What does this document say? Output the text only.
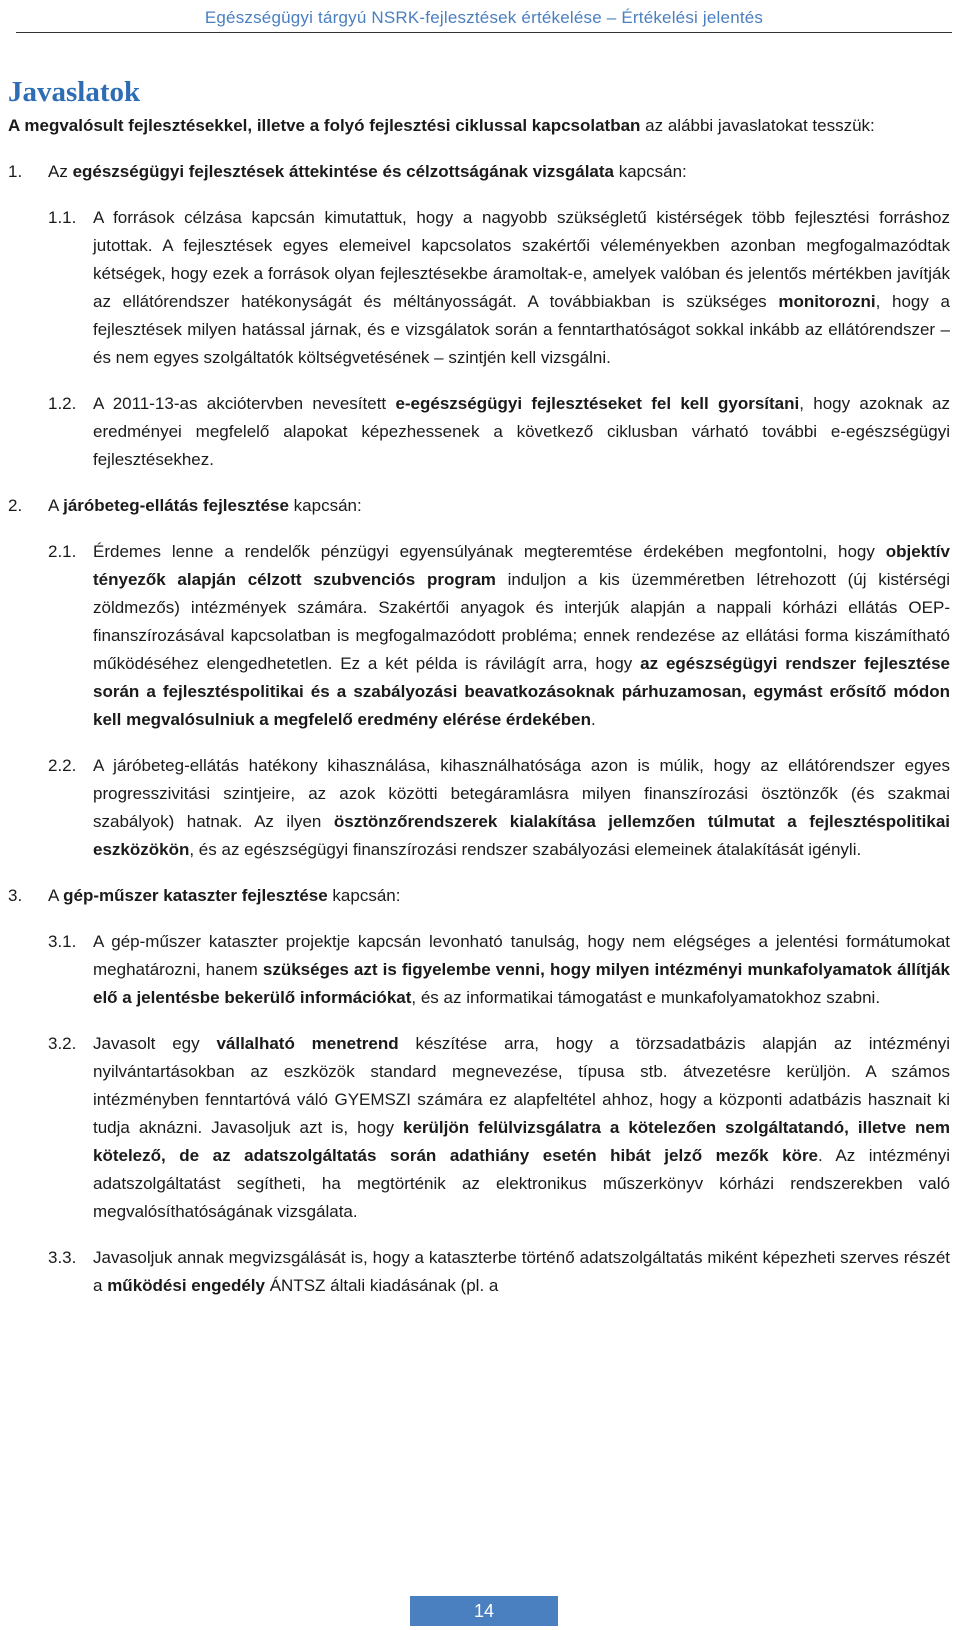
Egészségügyi tárgyú NSRK-fejlesztések értékelése – Értékelési jelentés
Javaslatok

A megvalósult fejlesztésekkel, illetve a folyó fejlesztési ciklussal kapcsolatban az alábbi javaslatokat tesszük:

1.	Az egészségügyi fejlesztések áttekintése és célzottságának vizsgálata kapcsán:
1.1. A források célzása kapcsán kimutattuk, hogy a nagyobb szükségletű kistérségek több fejlesztési forráshoz jutottak. A fejlesztések egyes elemeivel kapcsolatos szakértői véleményekben azonban megfogalmazódtak kétségek, hogy ezek a források olyan fejlesztésekbe áramoltak-e, amelyek valóban és jelentős mértékben javítják az ellátórendszer hatékonyságát és méltányosságát. A továbbiakban is szükséges monitorozni, hogy a fejlesztések milyen hatással járnak, és e vizsgálatok során a fenntarthatóságot sokkal inkább az ellátórendszer – és nem egyes szolgáltatók költségvetésének – szintjén kell vizsgálni.
1.2. A 2011-13-as akciótervben nevesített e-egészségügyi fejlesztéseket fel kell gyorsítani, hogy azoknak az eredményei megfelelő alapokat képezhessenek a következő ciklusban várható további e-egészségügyi fejlesztésekhez.
2.	A járóbeteg-ellátás fejlesztése kapcsán:
2.1. Érdemes lenne a rendelők pénzügyi egyensúlyának megteremtése érdekében megfontolni, hogy objektív tényezők alapján célzott szubvenciós program induljon a kis üzemméretben létrehozott (új kistérségi zöldmezős) intézmények számára. Szakértői anyagok és interjúk alapján a nappali kórházi ellátás OEP-finanszírozásával kapcsolatban is megfogalmazódott probléma; ennek rendezése az ellátási forma kiszámítható működéséhez elengedhetetlen. Ez a két példa is rávilágít arra, hogy az egészségügyi rendszer fejlesztése során a fejlesztéspolitikai és a szabályozási beavatkozásoknak párhuzamosan, egymást erősítő módon kell megvalósulniuk a megfelelő eredmény elérése érdekében.
2.2. A járóbeteg-ellátás hatékony kihasználása, kihasználhatósága azon is múlik, hogy az ellátórendszer egyes progresszivitási szintjeire, az azok közötti betegáramlásra milyen finanszírozási ösztönzők (és szakmai szabályok) hatnak. Az ilyen ösztönzőrendszerek kialakítása jellemzően túlmutat a fejlesztéspolitikai eszközökön, és az egészségügyi finanszírozási rendszer szabályozási elemeinek átalakítását igényli.
3.	A gép-műszer kataszter fejlesztése kapcsán:
3.1. A gép-műszer kataszter projektje kapcsán levonható tanulság, hogy nem elégséges a jelentési formátumokat meghatározni, hanem szükséges azt is figyelembe venni, hogy milyen intézményi munkafolyamatok állítják elő a jelentésbe bekerülő információkat, és az informatikai támogatást e munkafolyamatokhoz szabni.
3.2. Javasolt egy vállalható menetrend készítése arra, hogy a törzsadatbázis alapján az intézményi nyilvántartásokban az eszközök standard megnevezése, típusa stb. átvezetésre kerüljön. A számos intézményben fenntartóvá váló GYEMSZI számára ez alapfeltétel ahhoz, hogy a központi adatbázis hasznait ki tudja aknázni. Javasoljuk azt is, hogy kerüljön felülvizsgálatra a kötelezően szolgáltatandó, illetve nem kötelező, de az adatszolgáltatás során adathiány esetén hibát jelző mezők köre. Az intézményi adatszolgáltatást segítheti, ha megtörténik az elektronikus műszerkönyv kórházi rendszerekben való megvalósíthatóságának vizsgálata.
3.3. Javasoljuk annak megvizsgálását is, hogy a kataszterbe történő adatszolgáltatás miként képezheti szerves részét a működési engedély ÁNTSZ általi kiadásának (pl. a
14
